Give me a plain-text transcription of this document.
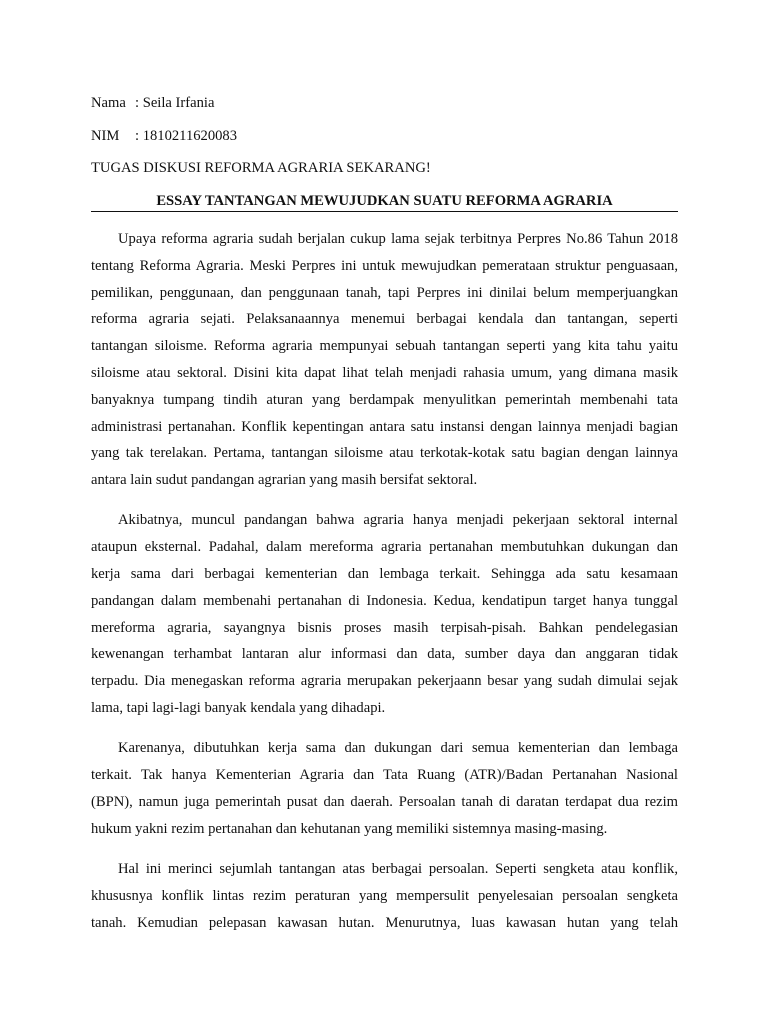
Nama : Seila Irfania
NIM : 1810211620083
TUGAS DISKUSI REFORMA AGRARIA SEKARANG!
ESSAY TANTANGAN MEWUJUDKAN SUATU REFORMA AGRARIA
Upaya reforma agraria sudah berjalan cukup lama sejak terbitnya Perpres No.86 Tahun 2018
tentang Reforma Agraria. Meski Perpres ini untuk mewujudkan pemerataan struktur penguasaan,
pemilikan, penggunaan, dan penggunaan tanah, tapi Perpres ini dinilai belum memperjuangkan
reforma agraria sejati. Pelaksanaannya menemui berbagai kendala dan tantangan, seperti
tantangan siloisme. Reforma agraria mempunyai sebuah tantangan seperti yang kita tahu yaitu
siloisme atau sektoral. Disini kita dapat lihat telah menjadi rahasia umum, yang dimana masik
banyaknya tumpang tindih aturan yang berdampak menyulitkan pemerintah membenahi tata
administrasi pertanahan. Konflik kepentingan antara satu instansi dengan lainnya menjadi bagian
yang tak terelakan. Pertama, tantangan siloisme atau terkotak-kotak satu bagian dengan lainnya
antara lain sudut pandangan agrarian yang masih bersifat sektoral.
Akibatnya, muncul pandangan bahwa agraria hanya menjadi pekerjaan sektoral internal
ataupun eksternal. Padahal, dalam mereforma agraria pertanahan membutuhkan dukungan dan
kerja sama dari berbagai kementerian dan lembaga terkait. Sehingga ada satu kesamaan
pandangan dalam membenahi pertanahan di Indonesia. Kedua, kendatipun target hanya tunggal
mereforma agraria, sayangnya bisnis proses masih terpisah-pisah. Bahkan pendelegasian
kewenangan terhambat lantaran alur informasi dan data, sumber daya dan anggaran tidak
terpadu. Dia menegaskan reforma agraria merupakan pekerjaann besar yang sudah dimulai sejak
lama, tapi lagi-lagi banyak kendala yang dihadapi.
Karenanya, dibutuhkan kerja sama dan dukungan dari semua kementerian dan lembaga
terkait. Tak hanya Kementerian Agraria dan Tata Ruang (ATR)/Badan Pertanahan Nasional
(BPN), namun juga pemerintah pusat dan daerah. Persoalan tanah di daratan terdapat dua rezim
hukum yakni rezim pertanahan dan kehutanan yang memiliki sistemnya masing-masing.
Hal ini merinci sejumlah tantangan atas berbagai persoalan. Seperti sengketa atau konflik,
khususnya konflik lintas rezim peraturan yang mempersulit penyelesaian persoalan sengketa
tanah. Kemudian pelepasan kawasan hutan. Menurutnya, luas kawasan hutan yang telah
